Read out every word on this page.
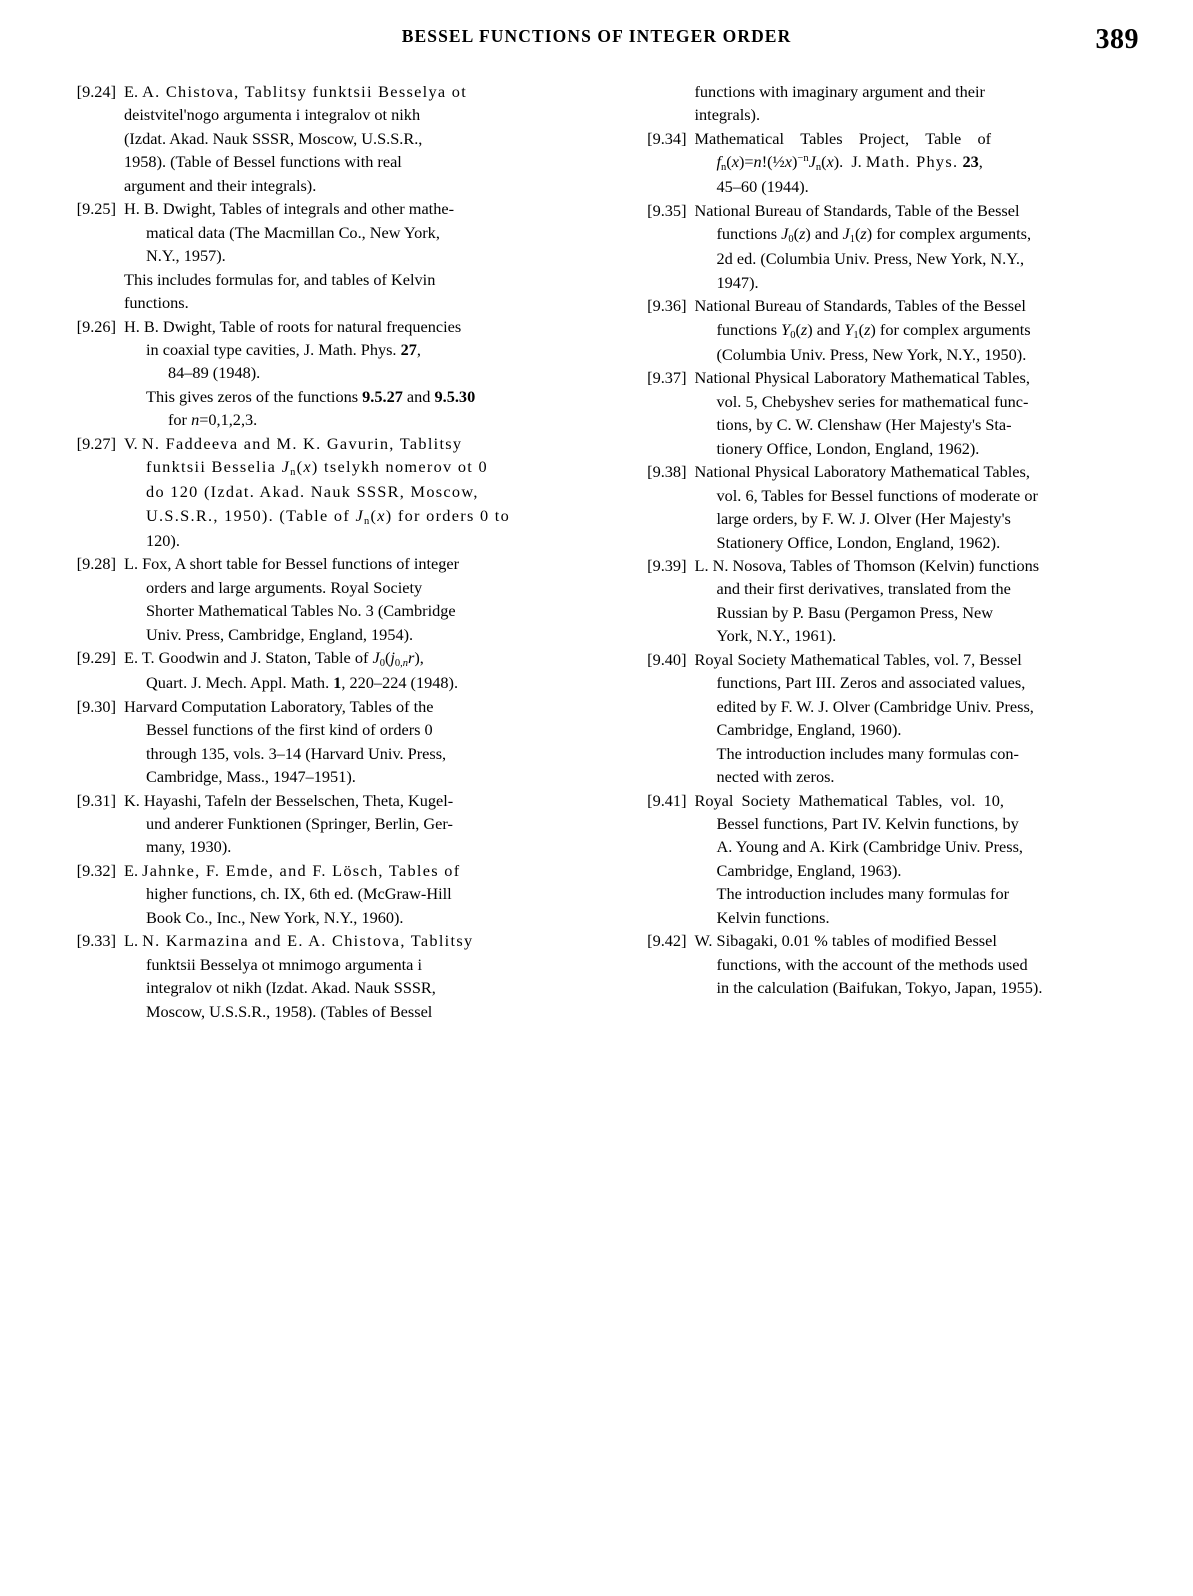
BESSEL FUNCTIONS OF INTEGER ORDER	389
[9.24] E. A. Chistova, Tablitsy funktsii Besselya ot

deistvitel'nogo argumenta i integralov ot nikh

(Izdat. Akad. Nauk SSSR, Moscow, U.S.S.R.,

1958). (Table of Bessel functions with real

argument and their integrals).

[9.25] H. B. Dwight, Tables of integrals and other mathe-

matical data (The Macmillan Co., New York,

N.Y., 1957).

This includes formulas for, and tables of Kelvin

functions.

[9.26] H. B. Dwight, Table of roots for natural frequencies

in coaxial type cavities, J. Math. Phys. 27,

84–89 (1948).

This gives zeros of the functions 9.5.27 and 9.5.30

for n=0,1,2,3.

[9.27] V. N. Faddeeva and M. K. Gavurin, Tablitsy

funktsii Besselia $J_n(x)$ tselykh nomerov ot 0

do 120 (Izdat. Akad. Nauk SSSR, Moscow,

U.S.S.R., 1950). (Table of $J_n(x)$ for orders 0 to

120).

[9.28] L. Fox, A short table for Bessel functions of integer

orders and large arguments. Royal Society

Shorter Mathematical Tables No. 3 (Cambridge

Univ. Press, Cambridge, England, 1954).

[9.29] E. T. Goodwin and J. Staton, Table of $J_0(j_{0,n}r)$,

Quart. J. Mech. Appl. Math. 1, 220–224 (1948).

[9.30] Harvard Computation Laboratory, Tables of the

Bessel functions of the first kind of orders 0

through 135, vols. 3–14 (Harvard Univ. Press,

Cambridge, Mass., 1947–1951).

[9.31] K. Hayashi, Tafeln der Besselschen, Theta, Kugel-

und anderer Funktionen (Springer, Berlin, Ger-

many, 1930).

[9.32] E. Jahnke, F. Emde, and F. Lösch, Tables of

higher functions, ch. IX, 6th ed. (McGraw-Hill

Book Co., Inc., New York, N.Y., 1960).

[9.33] L. N. Karmazina and E. A. Chistova, Tablitsy

funktsii Besselya ot mnimogo argumenta i

integralov ot nikh (Izdat. Akad. Nauk SSSR,

Moscow, U.S.S.R., 1958). (Tables of Bessel

functions with imaginary argument and their

integrals).

[9.34] Mathematical    Tables    Project,    Table    of

$f_n(x)=n!(\frac{1}{2}x)^{-n}J_n(x)$.  J. Math. Phys. 23,

45–60 (1944).

[9.35] National Bureau of Standards, Table of the Bessel

functions $J_0(z)$ and $J_1(z)$ for complex arguments,

2d ed. (Columbia Univ. Press, New York, N.Y.,

1947).

[9.36] National Bureau of Standards, Tables of the Bessel

functions $Y_0(z)$ and $Y_1(z)$ for complex arguments

(Columbia Univ. Press, New York, N.Y., 1950).

[9.37] National Physical Laboratory Mathematical Tables,

vol. 5, Chebyshev series for mathematical func-

tions, by C. W. Clenshaw (Her Majesty's Sta-

tionery Office, London, England, 1962).

[9.38] National Physical Laboratory Mathematical Tables,

vol. 6, Tables for Bessel functions of moderate or

large orders, by F. W. J. Olver (Her Majesty's

Stationery Office, London, England, 1962).

[9.39] L. N. Nosova, Tables of Thomson (Kelvin) functions

and their first derivatives, translated from the

Russian by P. Basu (Pergamon Press, New

York, N.Y., 1961).

[9.40] Royal Society Mathematical Tables, vol. 7, Bessel

functions, Part III. Zeros and associated values,

edited by F. W. J. Olver (Cambridge Univ. Press,

Cambridge, England, 1960).

The introduction includes many formulas con-

nected with zeros.

[9.41] Royal  Society  Mathematical  Tables,  vol.  10,

Bessel functions, Part IV. Kelvin functions, by

A. Young and A. Kirk (Cambridge Univ. Press,

Cambridge, England, 1963).

The introduction includes many formulas for

Kelvin functions.

[9.42] W. Sibagaki, 0.01 % tables of modified Bessel

functions, with the account of the methods used

in the calculation (Baifukan, Tokyo, Japan, 1955).
